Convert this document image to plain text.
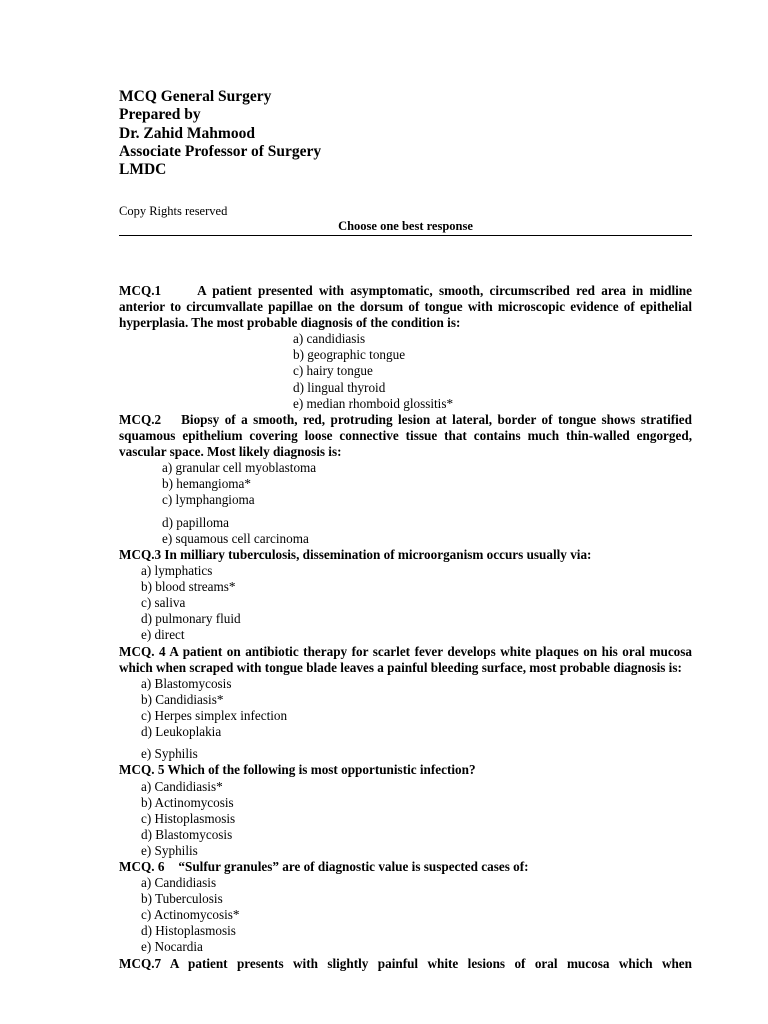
MCQ General Surgery
Prepared by
Dr. Zahid Mahmood
Associate Professor of Surgery
LMDC
Copy Rights reserved
Choose one best response
MCQ.1	A patient presented with asymptomatic, smooth, circumscribed red area in midline anterior to circumvallate papillae on the dorsum of tongue with microscopic evidence of epithelial hyperplasia. The most probable diagnosis of the condition is:
a) candidiasis
b) geographic tongue
c) hairy tongue
d) lingual thyroid
e) median rhomboid glossitis*
MCQ.2 Biopsy of a smooth, red, protruding lesion at lateral, border of tongue shows stratified squamous epithelium covering loose connective tissue that contains much thin-walled engorged, vascular space. Most likely diagnosis is:
a) granular cell myoblastoma
b) hemangioma*
c) lymphangioma
d) papilloma
e) squamous cell carcinoma
MCQ.3 In milliary tuberculosis, dissemination of microorganism occurs usually via:
a) lymphatics
b) blood streams*
c) saliva
d) pulmonary fluid
e) direct
MCQ. 4 A patient on antibiotic therapy for scarlet fever develops white plaques on his oral mucosa which when scraped with tongue blade leaves a painful bleeding surface, most probable diagnosis is:
a) Blastomycosis
b) Candidiasis*
c) Herpes simplex infection
d) Leukoplakia
e) Syphilis
MCQ. 5 Which of the following is most opportunistic infection?
a) Candidiasis*
b) Actinomycosis
c) Histoplasmosis
d) Blastomycosis
e) Syphilis
MCQ. 6 “Sulfur granules” are of diagnostic value is suspected cases of:
a) Candidiasis
b) Tuberculosis
c) Actinomycosis*
d) Histoplasmosis
e) Nocardia
MCQ.7 A patient presents with slightly painful white lesions of oral mucosa which when
